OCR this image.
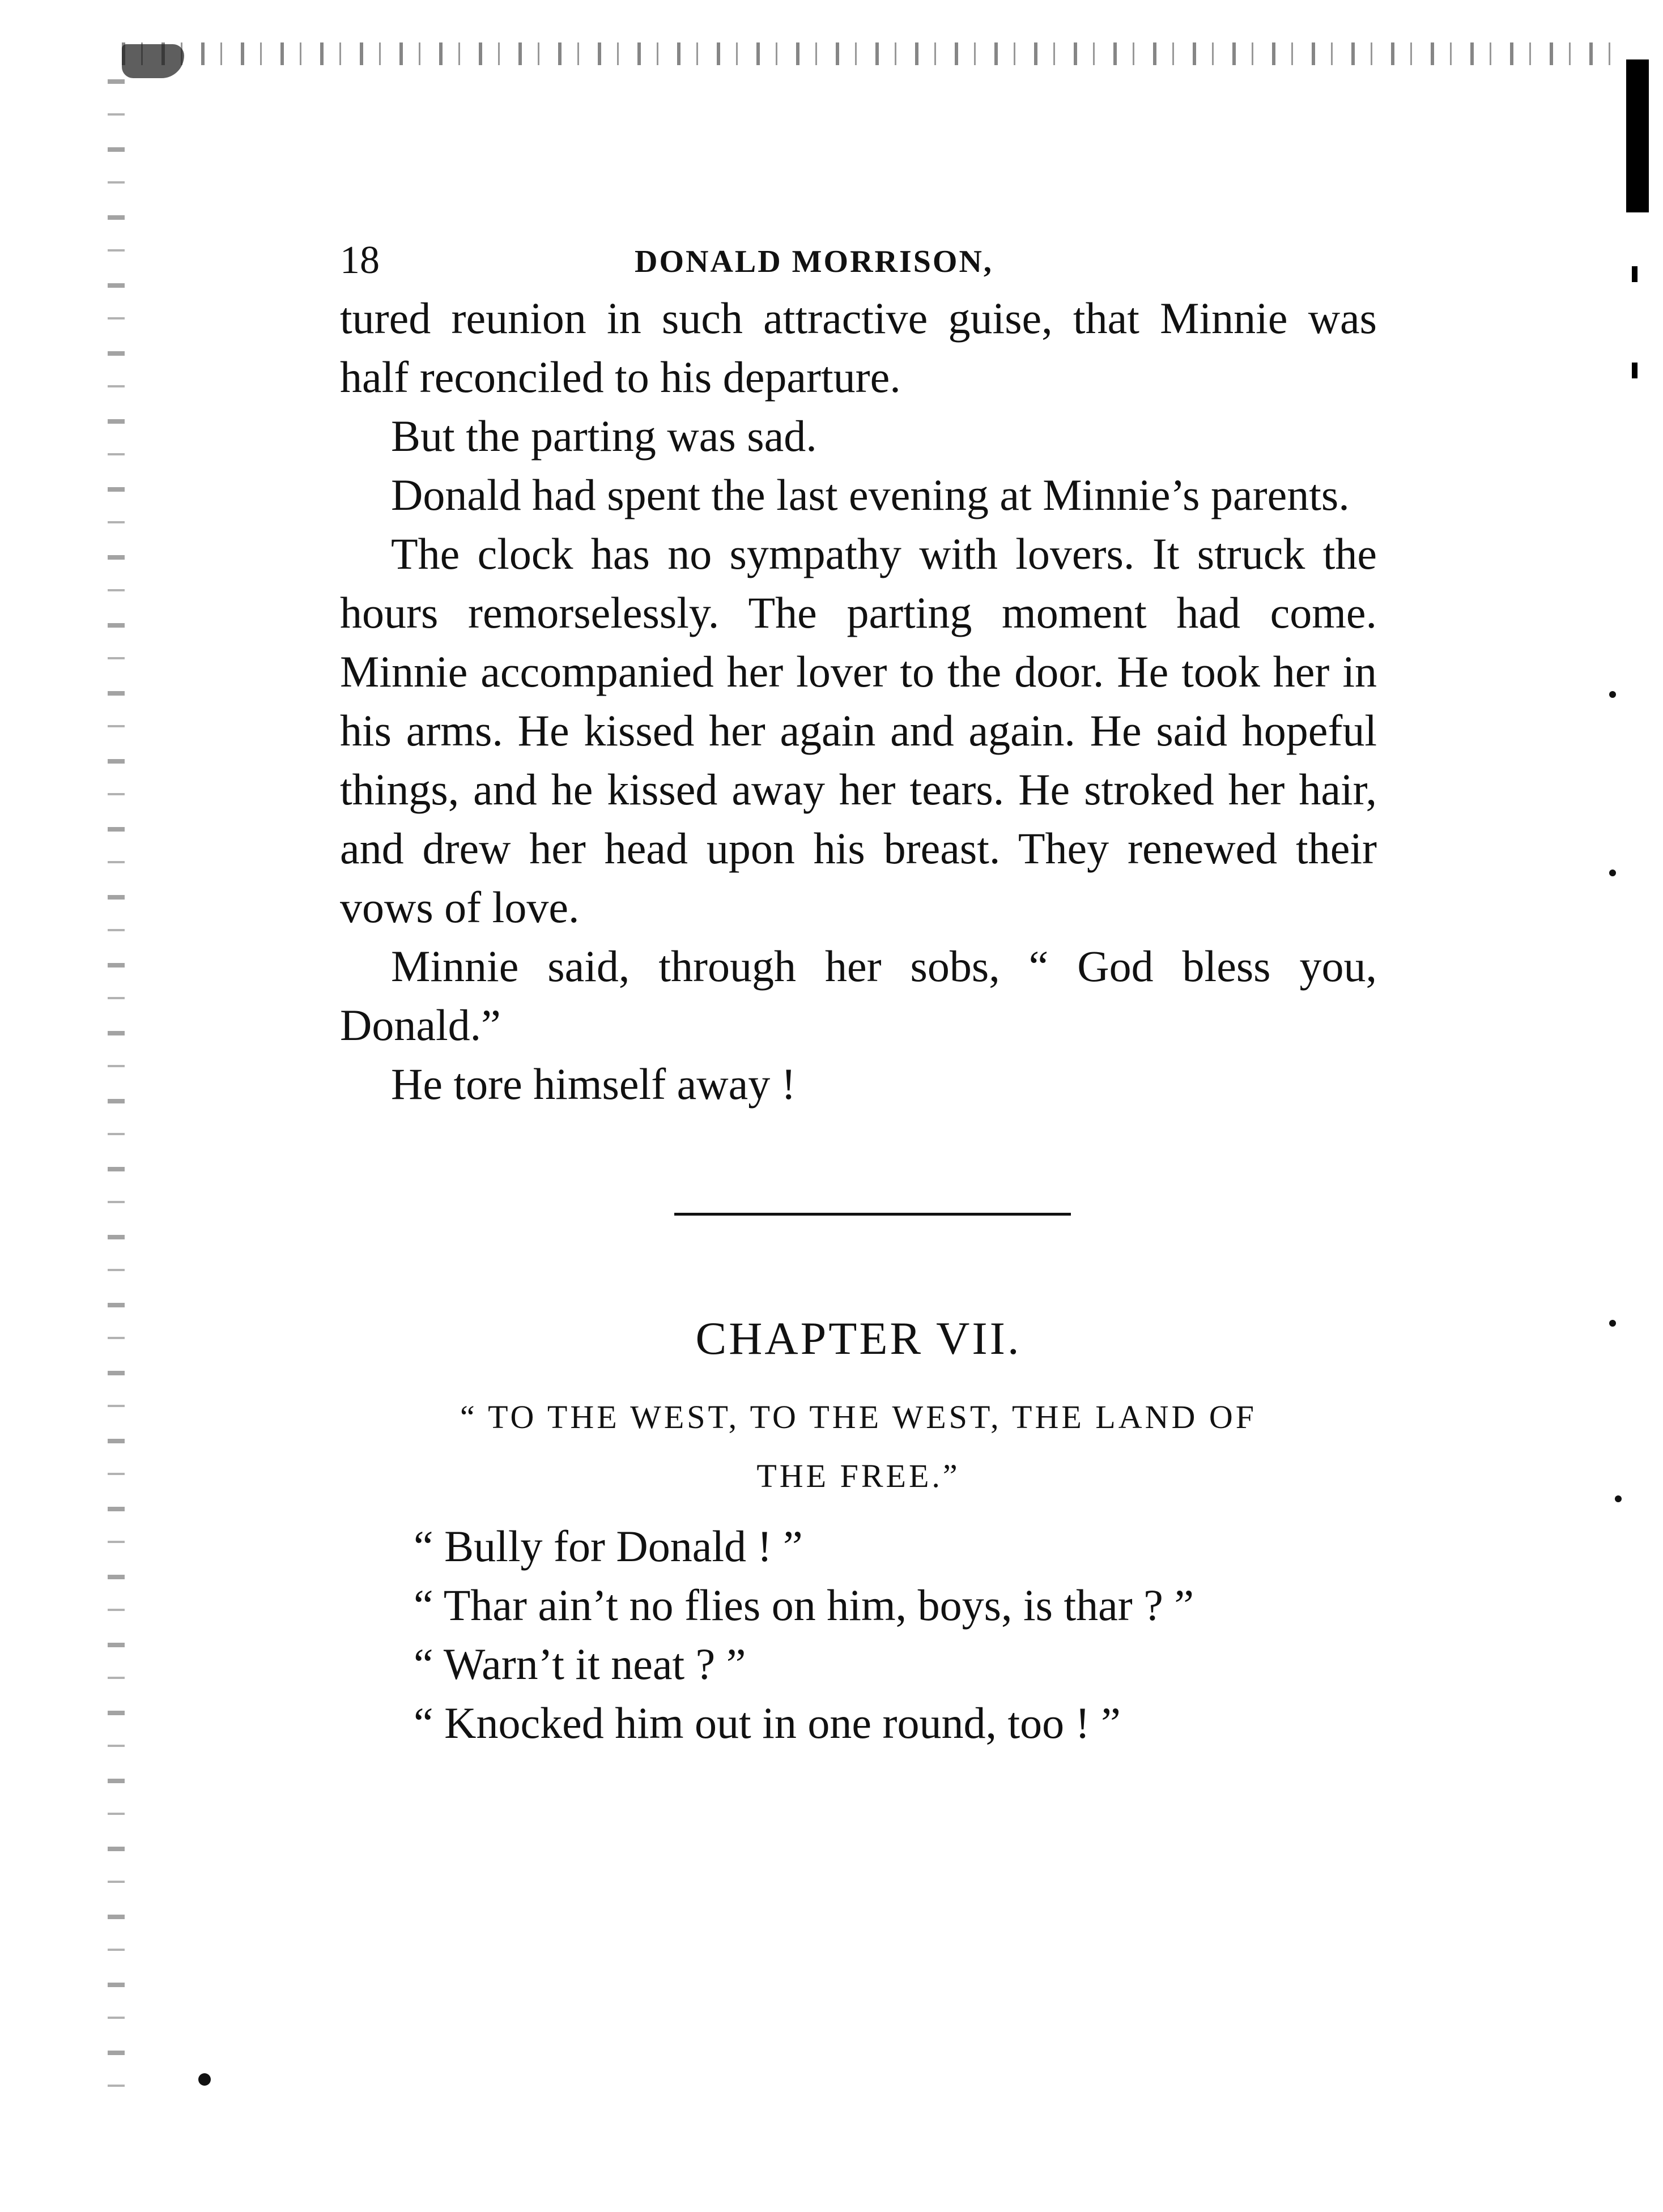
18	DONALD MORRISON,

tured reunion in such attractive guise, that Minnie was half reconciled to his departure.

But the parting was sad.

Donald had spent the last evening at Minnie’s parents.

The clock has no sympathy with lovers. It struck the hours remorselessly. The parting moment had come. Minnie accompanied her lover to the door. He took her in his arms. He kissed her again and again. He said hopeful things, and he kissed away her tears. He stroked her hair, and drew her head upon his breast. They renewed their vows of love.

Minnie said, through her sobs, “ God bless you, Donald.”

He tore himself away !

CHAPTER VII.
“ TO THE WEST, TO THE WEST, THE LAND OF
THE FREE.”

“ Bully for Donald ! ”

“ Thar ain’t no flies on him, boys, is thar ? ”

“ Warn’t it neat ? ”

“ Knocked him out in one round, too ! ”
